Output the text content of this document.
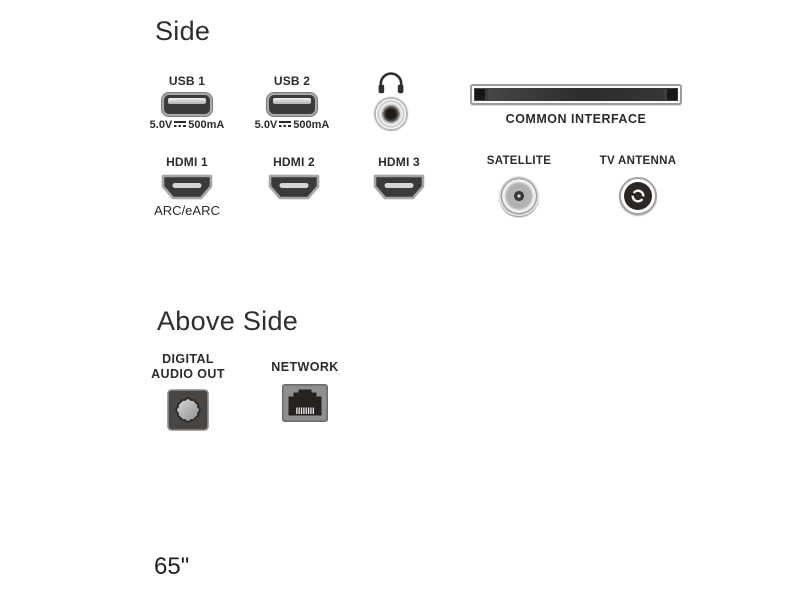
Side
USB 1
5.0V 500mA
USB 2
5.0V 500mA	COMMON INTERFACE
HDMI 1
ARC/eARC
HDMI 2	HDMI 3	SATELLITE	TV ANTENNA
Above Side
DIGITAL
AUDIO OUT	NETWORK
65"
